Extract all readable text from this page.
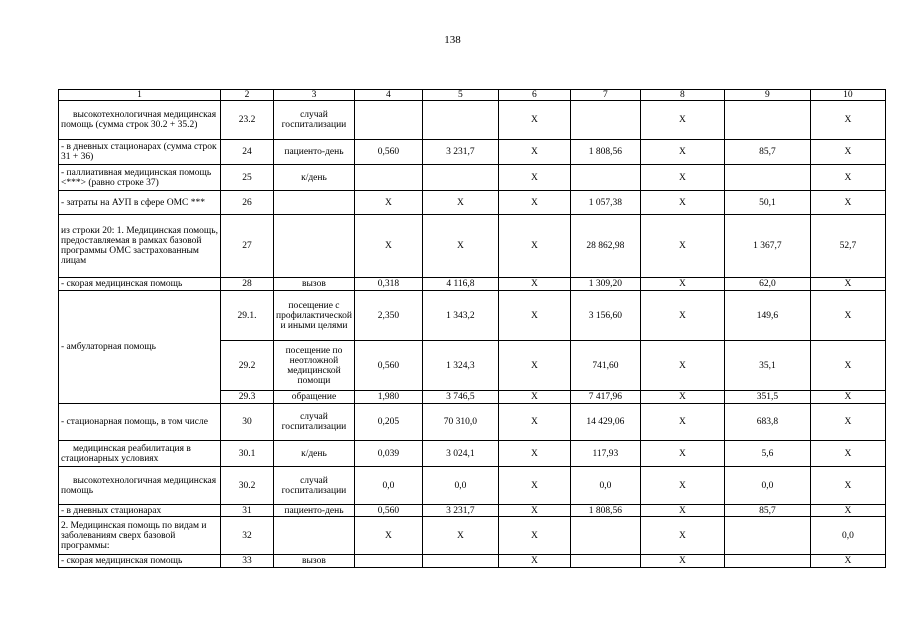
138
1	2	3	4	5	6	7	8	9	10
высокотехнологичная медицинская помощь (сумма строк 30.2 + 35.2)	23.2	случай госпитализации			X		X		X
- в дневных стационарах (сумма строк 31 + 36)	24	пациенто-день	0,560	3 231,7	X	1 808,56	X	85,7	X
- паллиативная медицинская помощь <***> (равно строке 37)	25	к/день			X		X		X
- затраты на АУП в сфере ОМС ***	26		X	X	X	1 057,38	X	50,1	X
из строки 20: 1. Медицинская помощь, предоставляемая в рамках базовой программы ОМС застрахованным лицам	27		X	X	X	28 862,98	X	1 367,7	52,7
- скорая медицинская помощь	28	вызов	0,318	4 116,8	X	1 309,20	X	62,0	X
- амбулаторная помощь	29.1.	посещение с профилактической и иными целями	2,350	1 343,2	X	3 156,60	X	149,6	X
	29.2	посещение по неотложной медицинской помощи	0,560	1 324,3	X	741,60	X	35,1	X
	29.3	обращение	1,980	3 746,5	X	7 417,96	X	351,5	X
- стационарная помощь, в том числе	30	случай госпитализации	0,205	70 310,0	X	14 429,06	X	683,8	X
медицинская реабилитация в стационарных условиях	30.1	к/день	0,039	3 024,1	X	117,93	X	5,6	X
высокотехнологичная медицинская помощь	30.2	случай госпитализации	0,0	0,0	X	0,0	X	0,0	X
- в дневных стационарах	31	пациенто-день	0,560	3 231,7	X	1 808,56	X	85,7	X
2. Медицинская помощь по видам и заболеваниям сверх базовой программы:	32		X	X	X		X		0,0
- скорая медицинская помощь	33	вызов			X		X		X
